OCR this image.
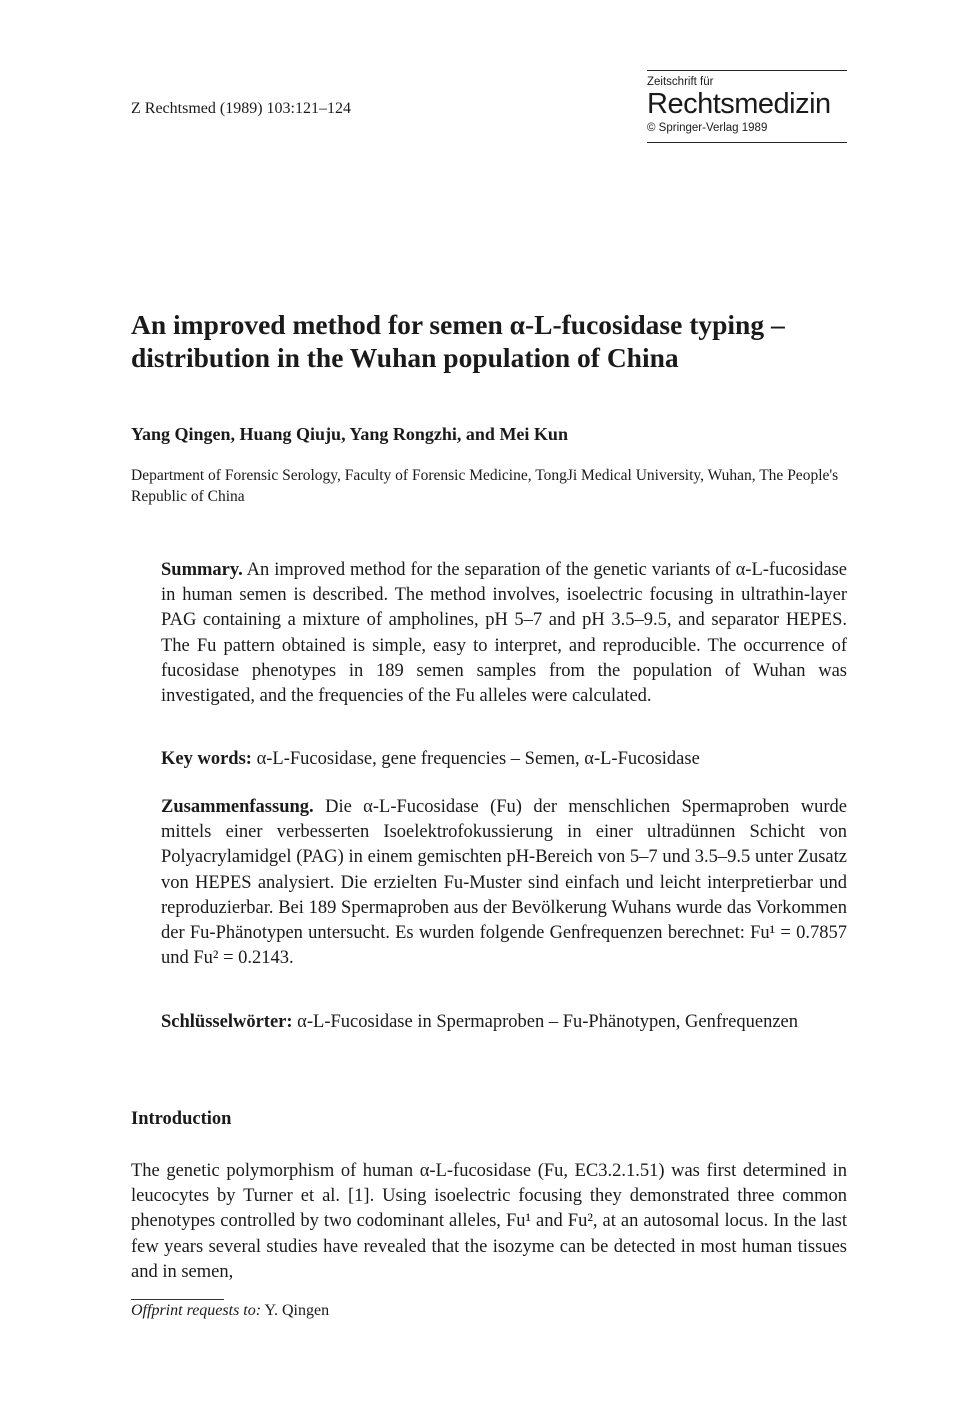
Z Rechtsmed (1989) 103:121–124
Zeitschrift für
Rechtsmedizin
© Springer-Verlag 1989
An improved method for semen α-L-fucosidase typing – distribution in the Wuhan population of China
Yang Qingen, Huang Qiuju, Yang Rongzhi, and Mei Kun
Department of Forensic Serology, Faculty of Forensic Medicine, TongJi Medical University, Wuhan, The People's Republic of China
Summary. An improved method for the separation of the genetic variants of α-L-fucosidase in human semen is described. The method involves, isoelectric focusing in ultrathin-layer PAG containing a mixture of ampholines, pH 5–7 and pH 3.5–9.5, and separator HEPES. The Fu pattern obtained is simple, easy to interpret, and reproducible. The occurrence of fucosidase phenotypes in 189 semen samples from the population of Wuhan was investigated, and the frequencies of the Fu alleles were calculated.
Key words: α-L-Fucosidase, gene frequencies – Semen, α-L-Fucosidase
Zusammenfassung. Die α-L-Fucosidase (Fu) der menschlichen Spermaproben wurde mittels einer verbesserten Isoelektrofokussierung in einer ultradünnen Schicht von Polyacrylamidgel (PAG) in einem gemischten pH-Bereich von 5–7 und 3.5–9.5 unter Zusatz von HEPES analysiert. Die erzielten Fu-Muster sind einfach und leicht interpretierbar und reproduzierbar. Bei 189 Spermaproben aus der Bevölkerung Wuhans wurde das Vorkommen der Fu-Phänotypen untersucht. Es wurden folgende Genfrequenzen berechnet: Fu¹ = 0.7857 und Fu² = 0.2143.
Schlüsselwörter: α-L-Fucosidase in Spermaproben – Fu-Phänotypen, Genfrequenzen
Introduction
The genetic polymorphism of human α-L-fucosidase (Fu, EC3.2.1.51) was first determined in leucocytes by Turner et al. [1]. Using isoelectric focusing they demonstrated three common phenotypes controlled by two codominant alleles, Fu¹ and Fu², at an autosomal locus. In the last few years several studies have revealed that the isozyme can be detected in most human tissues and in semen,
Offprint requests to: Y. Qingen
